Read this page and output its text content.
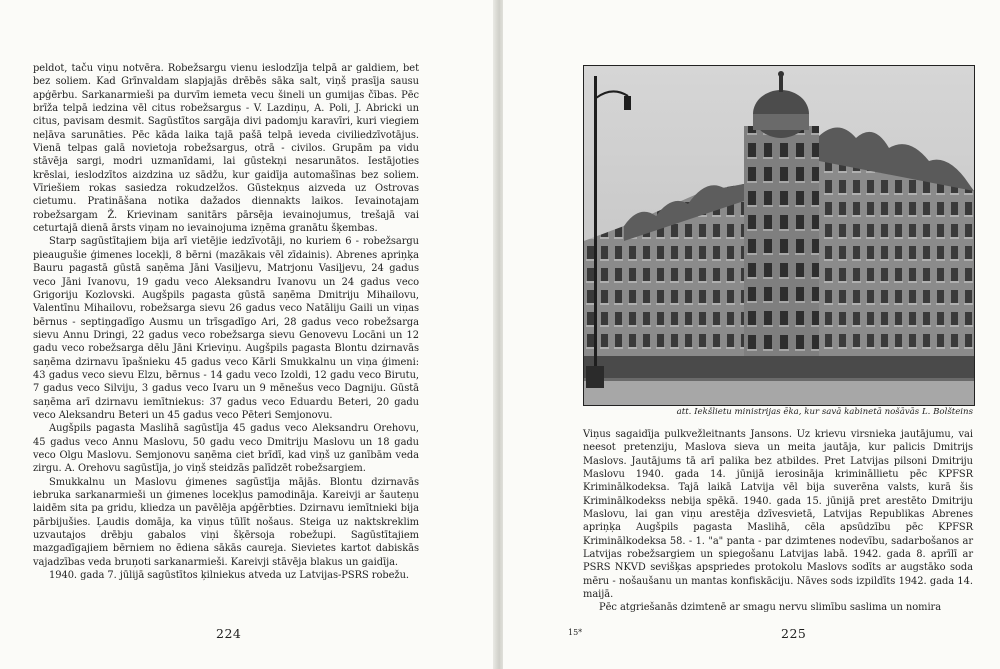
peldot, taču viņu notvēra. Robežsargu vienu ieslodzīja telpā ar galdiem, bet bez soliem. Kad Grīnvaldam slapjajās drēbēs sāka salt, viņš prasīja sausu apģērbu. Sarkanarmieši pa durvīm iemeta vecu šineli un gumijas čības. Pēc brīža telpā iedzina vēl citus robežsargus - V. Lazdiņu, A. Poli, J. Abricki un citus, pavisam desmit. Sagūstītos sargājа divi padomju karavīri, kuri viegiem neļāva sarunāties. Pēc kāda laika tajā pašā telpā ieveda civiliedzīvotājus. Vienā telpas galā novietoja robežsargus, otrā - civilos. Grupām pa vidu stāvēja sargi, modri uzmanīdami, lai gūstekņi nesarunātos. Iestājoties krēslai, ieslodzītos aizdzina uz sādžu, kur gaidīja automašīnas bez soliem. Vīriešiem rokas sasiedza rokudzelžos. Gūstekņus aizveda uz Ostrovas cietumu. Pratināšana notika dažados diennakts laikos. Ievainotajam robežsargam Ž. Krievinam sanitārs pārsēja ievainojumus, trešajā vai ceturtajā dienā ārsts viņam no ievainojuma izņēma granātu šķembas.

Starp sagūstītajiem bija arī vietējie iedzīvotāji, no kuriem 6 - robežsargu pieaugušie ģimenes locekļi, 8 bērni (mazākais vēl zīdainis). Abrenes apriņķa Bauru pagastā gūstā saņēma Jāni Vasiļjevu, Matrjonu Vasiļjevu, 24 gadus veco Jāni Ivanovu, 19 gadu veco Aleksandru Ivanovu un 24 gadus veco Grigoriju Kozlovski. Augšpils pagasta gūstā saņēma Dmitriju Mihailovu, Valentīnu Mihailovu, robežsarga sievu 26 gadus veco Natāliju Gaili un viņas bērnus - septiņgadīgo Ausmu un trīsgadīgo Ari, 28 gadus veco robežsarga sievu Annu Dringi, 22 gadus veco robežsarga sievu Genovevu Locāni un 12 gadu veco robežsarga dēlu Jāni Krieviņu. Augšpils pagasta Blontu dzirnavās saņēma dzirnavu īpašnieku 45 gadus veco Kārli Smukkalnu un viņa ģimeni: 43 gadus veco sievu Elzu, bērnus - 14 gadu veco Izoldi, 12 gadu veco Birutu, 7 gadus veco Silviju, 3 gadus veco Ivaru un 9 mēnešus veco Dagniju. Gūstā saņēma arī dzirnavu iemītniekus: 37 gadus veco Eduardu Beteri, 20 gadu veco Aleksandru Beteri un 45 gadus veco Pēteri Semjonovu.

Augšpils pagasta Maslihā sagūstīja 45 gadus veco Aleksandru Orehovu, 45 gadus veco Annu Maslovu, 50 gadu veco Dmitriju Maslovu un 18 gadu veco Olgu Maslovu. Semjonovu saņēma ciet brīdī, kad viņš uz ganībām veda zirgu. A. Orehovu sagūstīja, jo viņš steidzās palīdzēt robežsargiem.

Smukkalnu un Maslovu ģimenes sagūstīja mājās. Blontu dzirnavās iebruka sarkanarmieši un ģimenes locekļus pamodināja. Kareivji ar šauteņu laidēm sita pa gridu, kliedza un pavēlēja apģērbties. Dzirnavu iemītnieki bija pārbijušies. Ļaudis domāja, ka viņus tūlīt nošaus. Steiga uz naktskreklim uzvautajos drēbju gabalos viņi šķērsoja robežupi. Sagūstītajiem mazgadīgajiem bērniem no ēdiena sākās caureja. Sievietes kartot dabiskās vajadzības veda bruņoti sarkanarmieši. Kareivji stāvēja blakus un gaidīja.

1940. gada 7. jūlijā sagūstītos ķilniekus atveda uz Latvijas-PSRS robežu.

224
att. Iekšlietu ministrijas ēka, kur savā kabinetā nošāvās L. Bolšteins

Viņus sagaidīja pulkvežleitnants Jansons. Uz krievu virsnieka jautājumu, vai neesot pretenziju, Maslova sieva un meita jautāja, kur palicis Dmitrijs Maslovs. Jautājums tā arī palika bez atbildes. Pret Latvijas pilsoni Dmitriju Maslovu 1940. gada 14. jūnijā ierosināja krimināllietu pēc KPFSR Kriminālkodeksa. Tajā laikā Latvija vēl bija suverēna valsts, kurā šis Kriminālkodekss nebija spēkā. 1940. gada 15. jūnijā pret arestēto Dmitriju Maslovu, lai gan viņu arestēja dzīvesvietā, Latvijas Republikas Abrenes apriņķa Augšpils pagasta Maslihā, cēla apsūdzību pēc KPFSR Kriminālkodeksa 58. - 1. "a" panta - par dzimtenes nodevību, sadarbošanos ar Latvijas robežsargiem un spiegošanu Latvijas labā. 1942. gada 8. aprīlī ar PSRS NKVD sevišķas apspriedes protokolu Maslovs sodīts ar augstāko soda mēru - nošaušanu un mantas konfiskāciju. Nāves sods izpildīts 1942. gada 14. maijā.

Pēc atgriešanās dzimtenē ar smagu nervu slimību saslima un nomira

15*	225
